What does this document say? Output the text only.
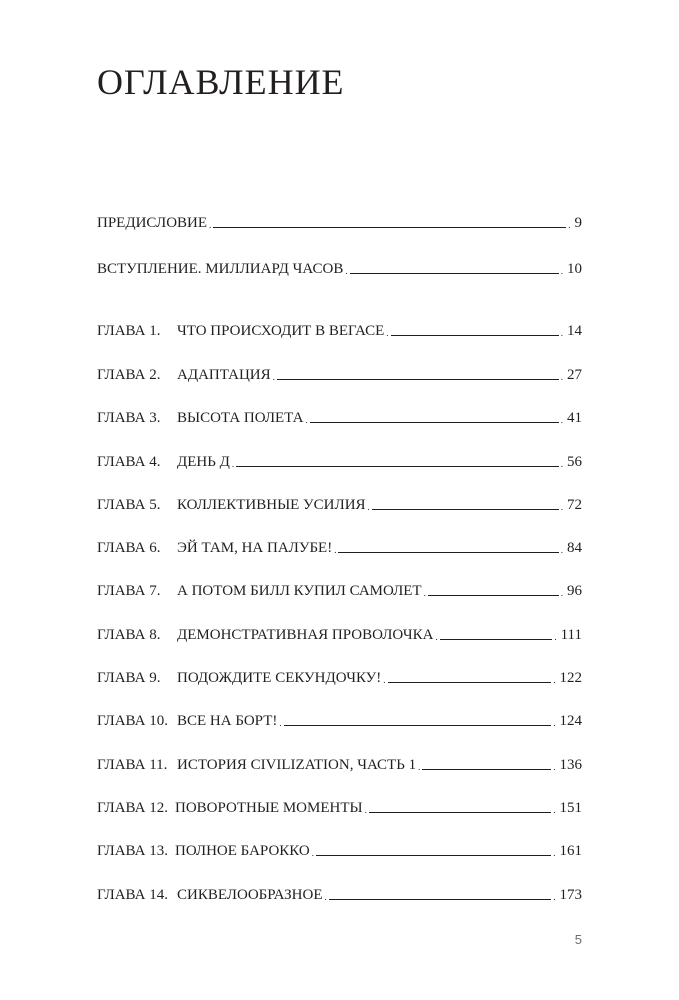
ОГЛАВЛЕНИЕ
ПРЕДИСЛОВИЕ .	. 9
ВСТУПЛЕНИЕ. МИЛЛИАРД ЧАСОВ .	. 10
ГЛАВА 1.	ЧТО ПРОИСХОДИТ В ВЕГАСЕ .	. 14
ГЛАВА 2.	АДАПТАЦИЯ .	. 27
ГЛАВА 3.	ВЫСОТА ПОЛЕТА .	. 41
ГЛАВА 4.	ДЕНЬ Д .	. 56
ГЛАВА 5.	КОЛЛЕКТИВНЫЕ УСИЛИЯ .	. 72
ГЛАВА 6.	ЭЙ ТАМ, НА ПАЛУБЕ! .	. 84
ГЛАВА 7.	А ПОТОМ БИЛЛ КУПИЛ САМОЛЕТ .	. 96
ГЛАВА 8.	ДЕМОНСТРАТИВНАЯ ПРОВОЛОЧКА .	. 111
ГЛАВА 9.	ПОДОЖДИТЕ СЕКУНДОЧКУ! .	. 122
ГЛАВА 10. ВСЕ НА БОРТ! .	. 124
ГЛАВА 11. ИСТОРИЯ CIVILIZATION, ЧАСТЬ 1 .	. 136
ГЛАВА 12. ПОВОРОТНЫЕ МОМЕНТЫ .	. 151
ГЛАВА 13. ПОЛНОЕ БАРОККО .	. 161
ГЛАВА 14. СИКВЕЛООБРАЗНОЕ .	. 173
5
